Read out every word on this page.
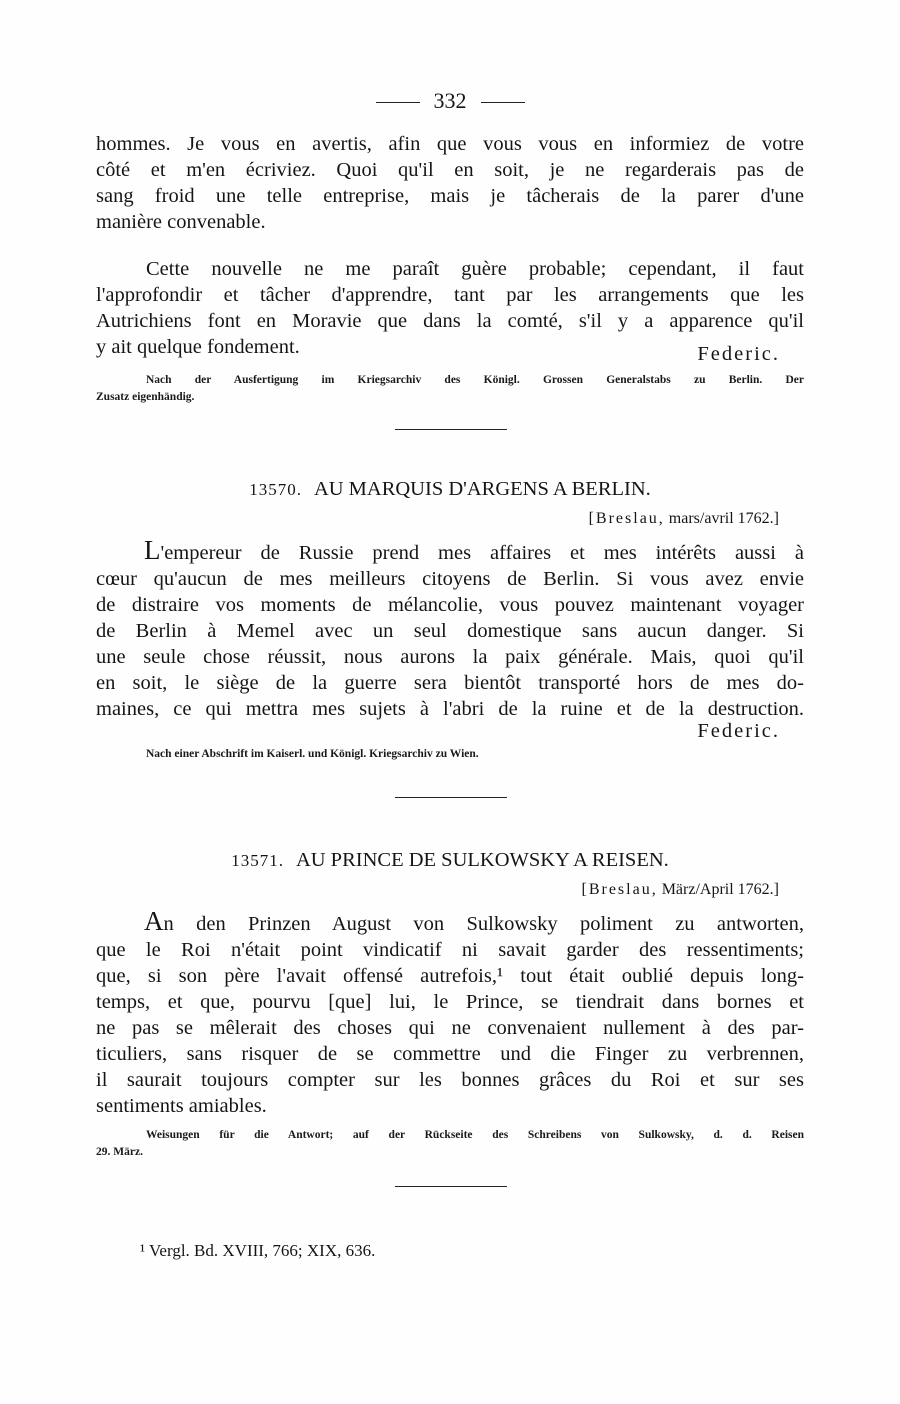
332
hommes. Je vous en avertis, afin que vous vous en informiez de votre
côté et m'en écriviez. Quoi qu'il en soit, je ne regarderais pas de
sang froid une telle entreprise, mais je tâcherais de la parer d'une
manière convenable.
Cette nouvelle ne me paraît guère probable; cependant, il faut
l'approfondir et tâcher d'apprendre, tant par les arrangements que les
Autrichiens font en Moravie que dans la comté, s'il y a apparence qu'il
y ait quelque fondement.	Federic.
Nach der Ausfertigung im Kriegsarchiv des Königl. Grossen Generalstabs zu Berlin. Der
Zusatz eigenhändig.
13570. AU MARQUIS D'ARGENS A BERLIN.
[Breslau, mars/avril 1762.]
L'empereur de Russie prend mes affaires et mes intérêts aussi à
cœur qu'aucun de mes meilleurs citoyens de Berlin. Si vous avez envie
de distraire vos moments de mélancolie, vous pouvez maintenant voyager
de Berlin à Memel avec un seul domestique sans aucun danger. Si
une seule chose réussit, nous aurons la paix générale. Mais, quoi qu'il
en soit, le siège de la guerre sera bientôt transporté hors de mes do-
maines, ce qui mettra mes sujets à l'abri de la ruine et de la destruction.
Federic.
Nach einer Abschrift im Kaiserl. und Königl. Kriegsarchiv zu Wien.
13571. AU PRINCE DE SULKOWSKY A REISEN.
[Breslau, März/April 1762.]
An den Prinzen August von Sulkowsky poliment zu antworten,
que le Roi n'était point vindicatif ni savait garder des ressentiments;
que, si son père l'avait offensé autrefois,¹ tout était oublié depuis long-
temps, et que, pourvu [que] lui, le Prince, se tiendrait dans bornes et
ne pas se mêlerait des choses qui ne convenaient nullement à des par-
ticuliers, sans risquer de se commettre und die Finger zu verbrennen,
il saurait toujours compter sur les bonnes grâces du Roi et sur ses
sentiments amiables.
Weisungen für die Antwort; auf der Rückseite des Schreibens von Sulkowsky, d. d. Reisen
29. März.
¹ Vergl. Bd. XVIII, 766; XIX, 636.
